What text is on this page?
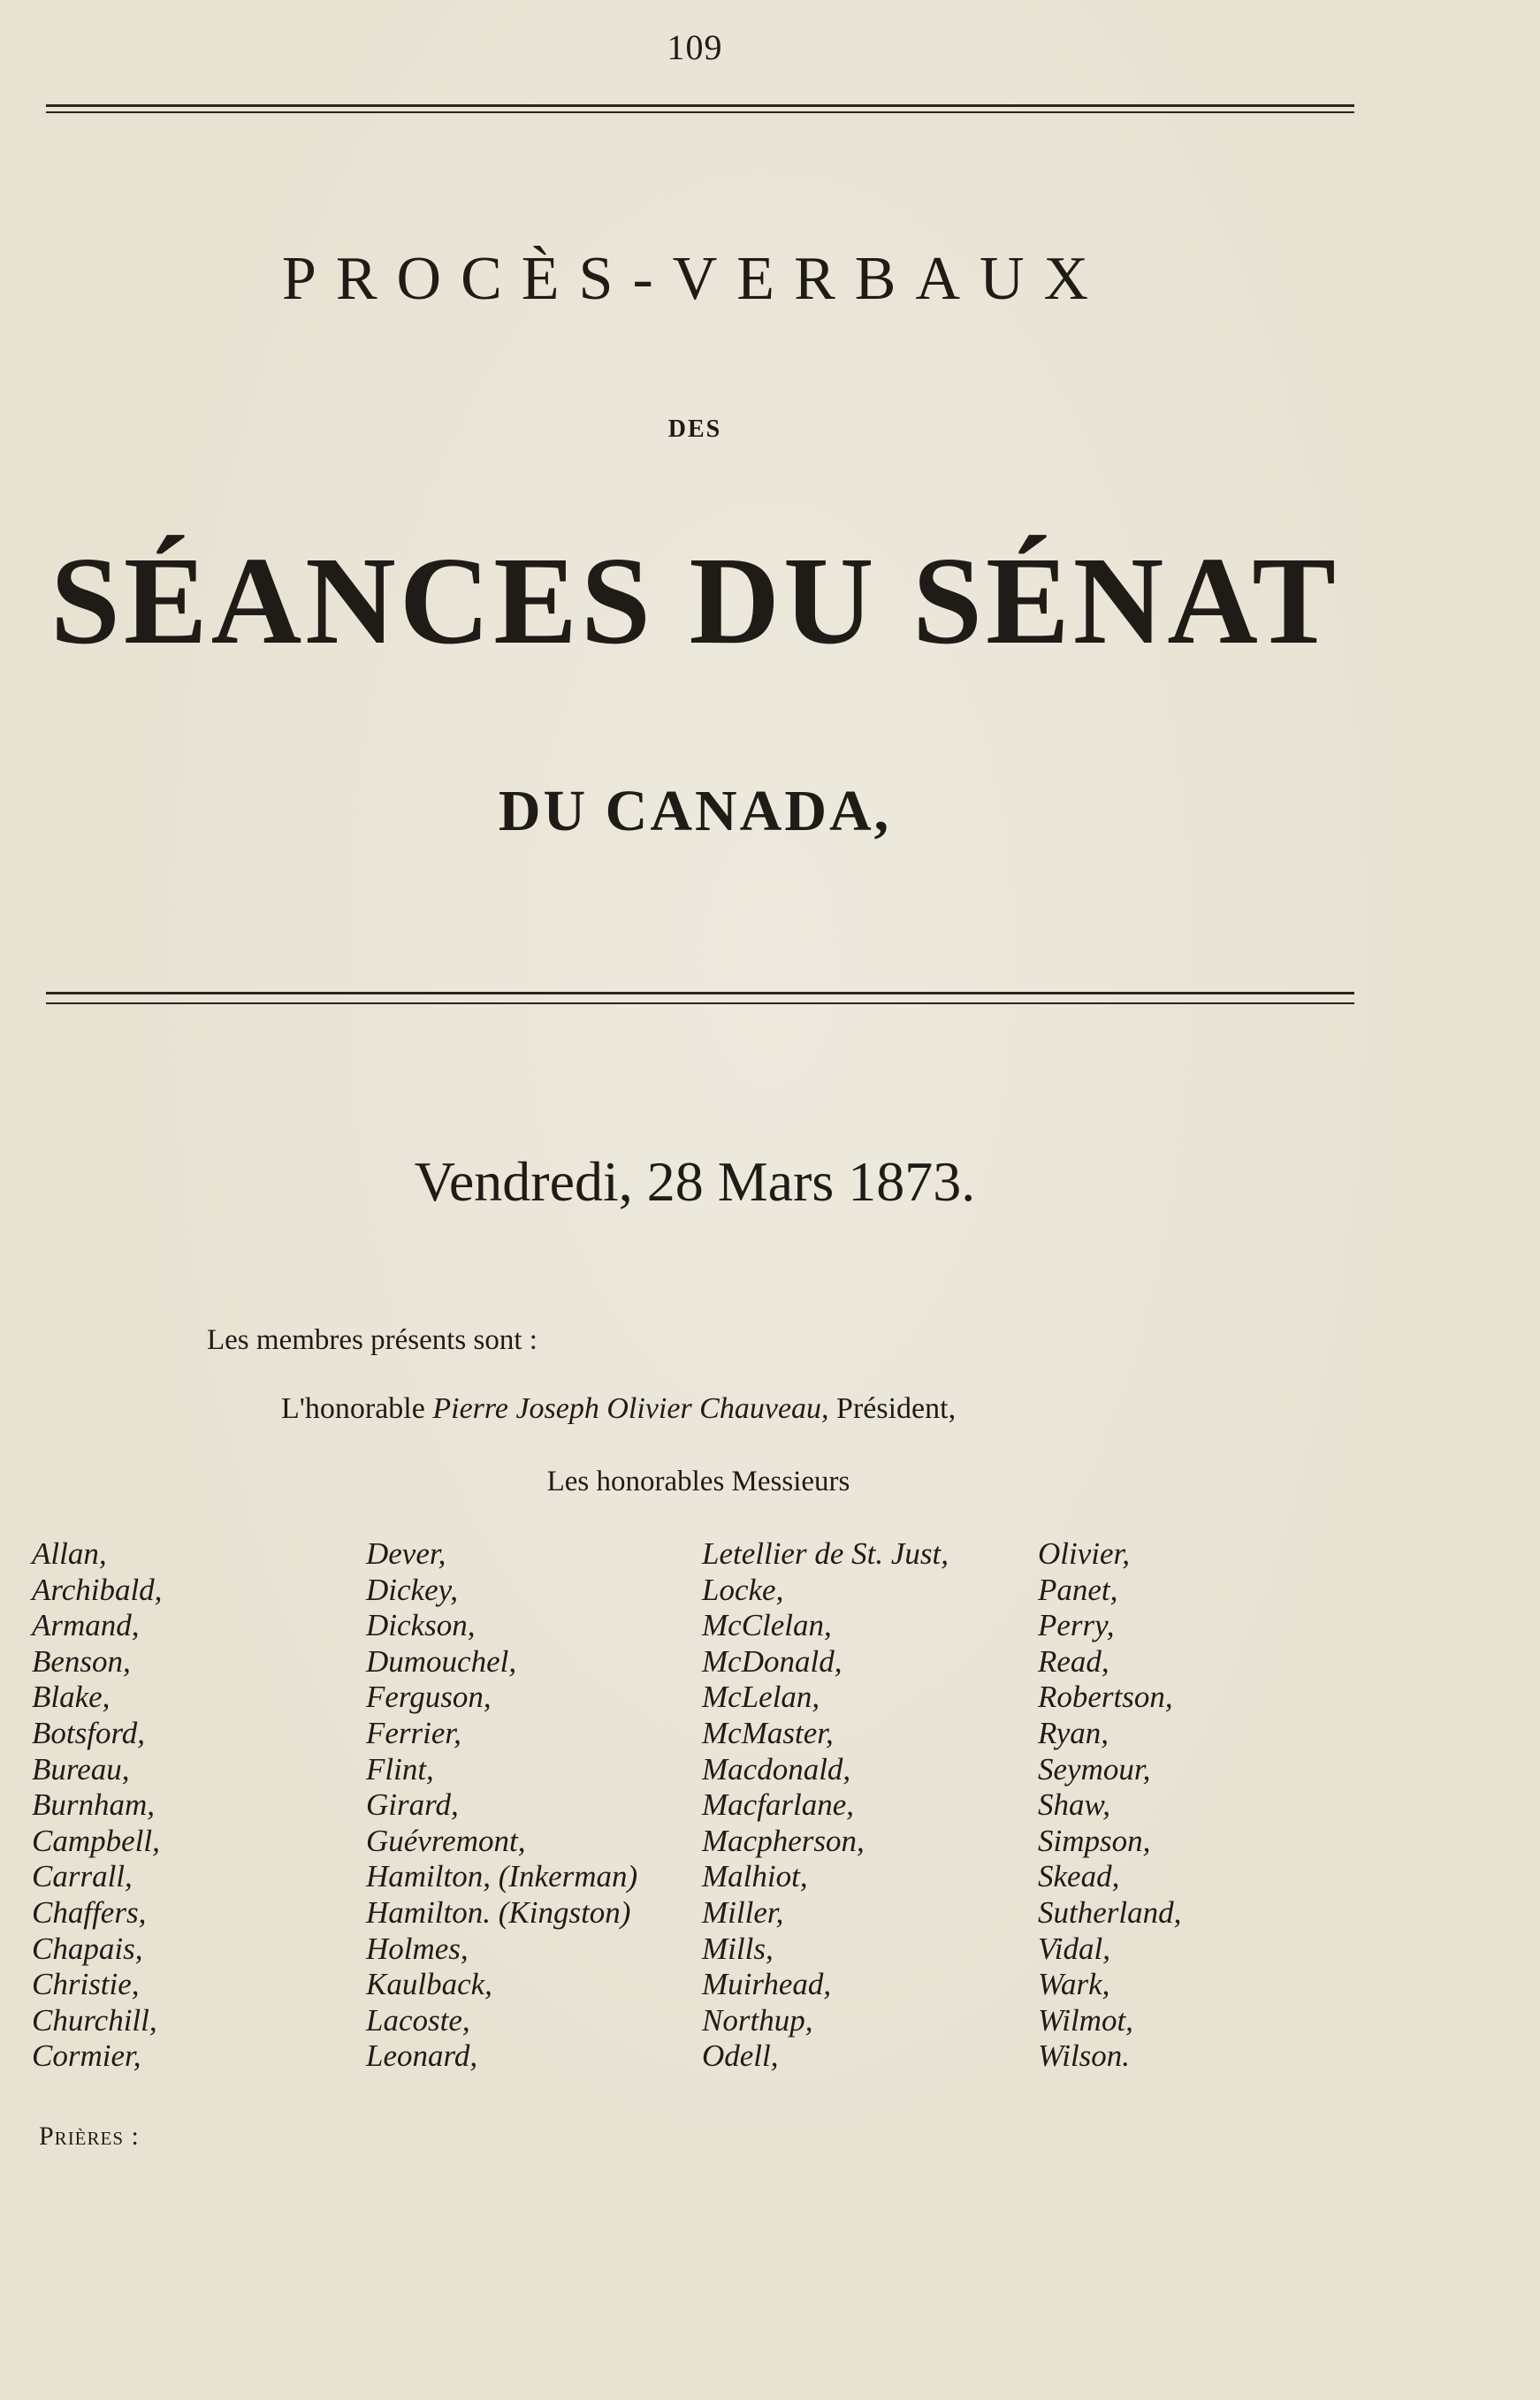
109
PROCÈS-VERBAUX
DES
SÉANCES DU SÉNAT
DU CANADA,
Vendredi, 28 Mars 1873.
Les membres présents sont :
L'honorable Pierre Joseph Olivier Chauveau, Président,
Les honorables Messieurs
Allan,
Archibald,
Armand,
Benson,
Blake,
Botsford,
Bureau,
Burnham,
Campbell,
Carrall,
Chaffers,
Chapais,
Christie,
Churchill,
Cormier,
Dever,
Dickey,
Dickson,
Dumouchel,
Ferguson,
Ferrier,
Flint,
Girard,
Guévremont,
Hamilton, (Inkerman)
Hamilton. (Kingston)
Holmes,
Kaulback,
Lacoste,
Leonard,
Letellier de St. Just,
Locke,
McClelan,
McDonald,
McLelan,
McMaster,
Macdonald,
Macfarlane,
Macpherson,
Malhiot,
Miller,
Mills,
Muirhead,
Northup,
Odell,
Olivier,
Panet,
Perry,
Read,
Robertson,
Ryan,
Seymour,
Shaw,
Simpson,
Skead,
Sutherland,
Vidal,
Wark,
Wilmot,
Wilson.
Prières :
